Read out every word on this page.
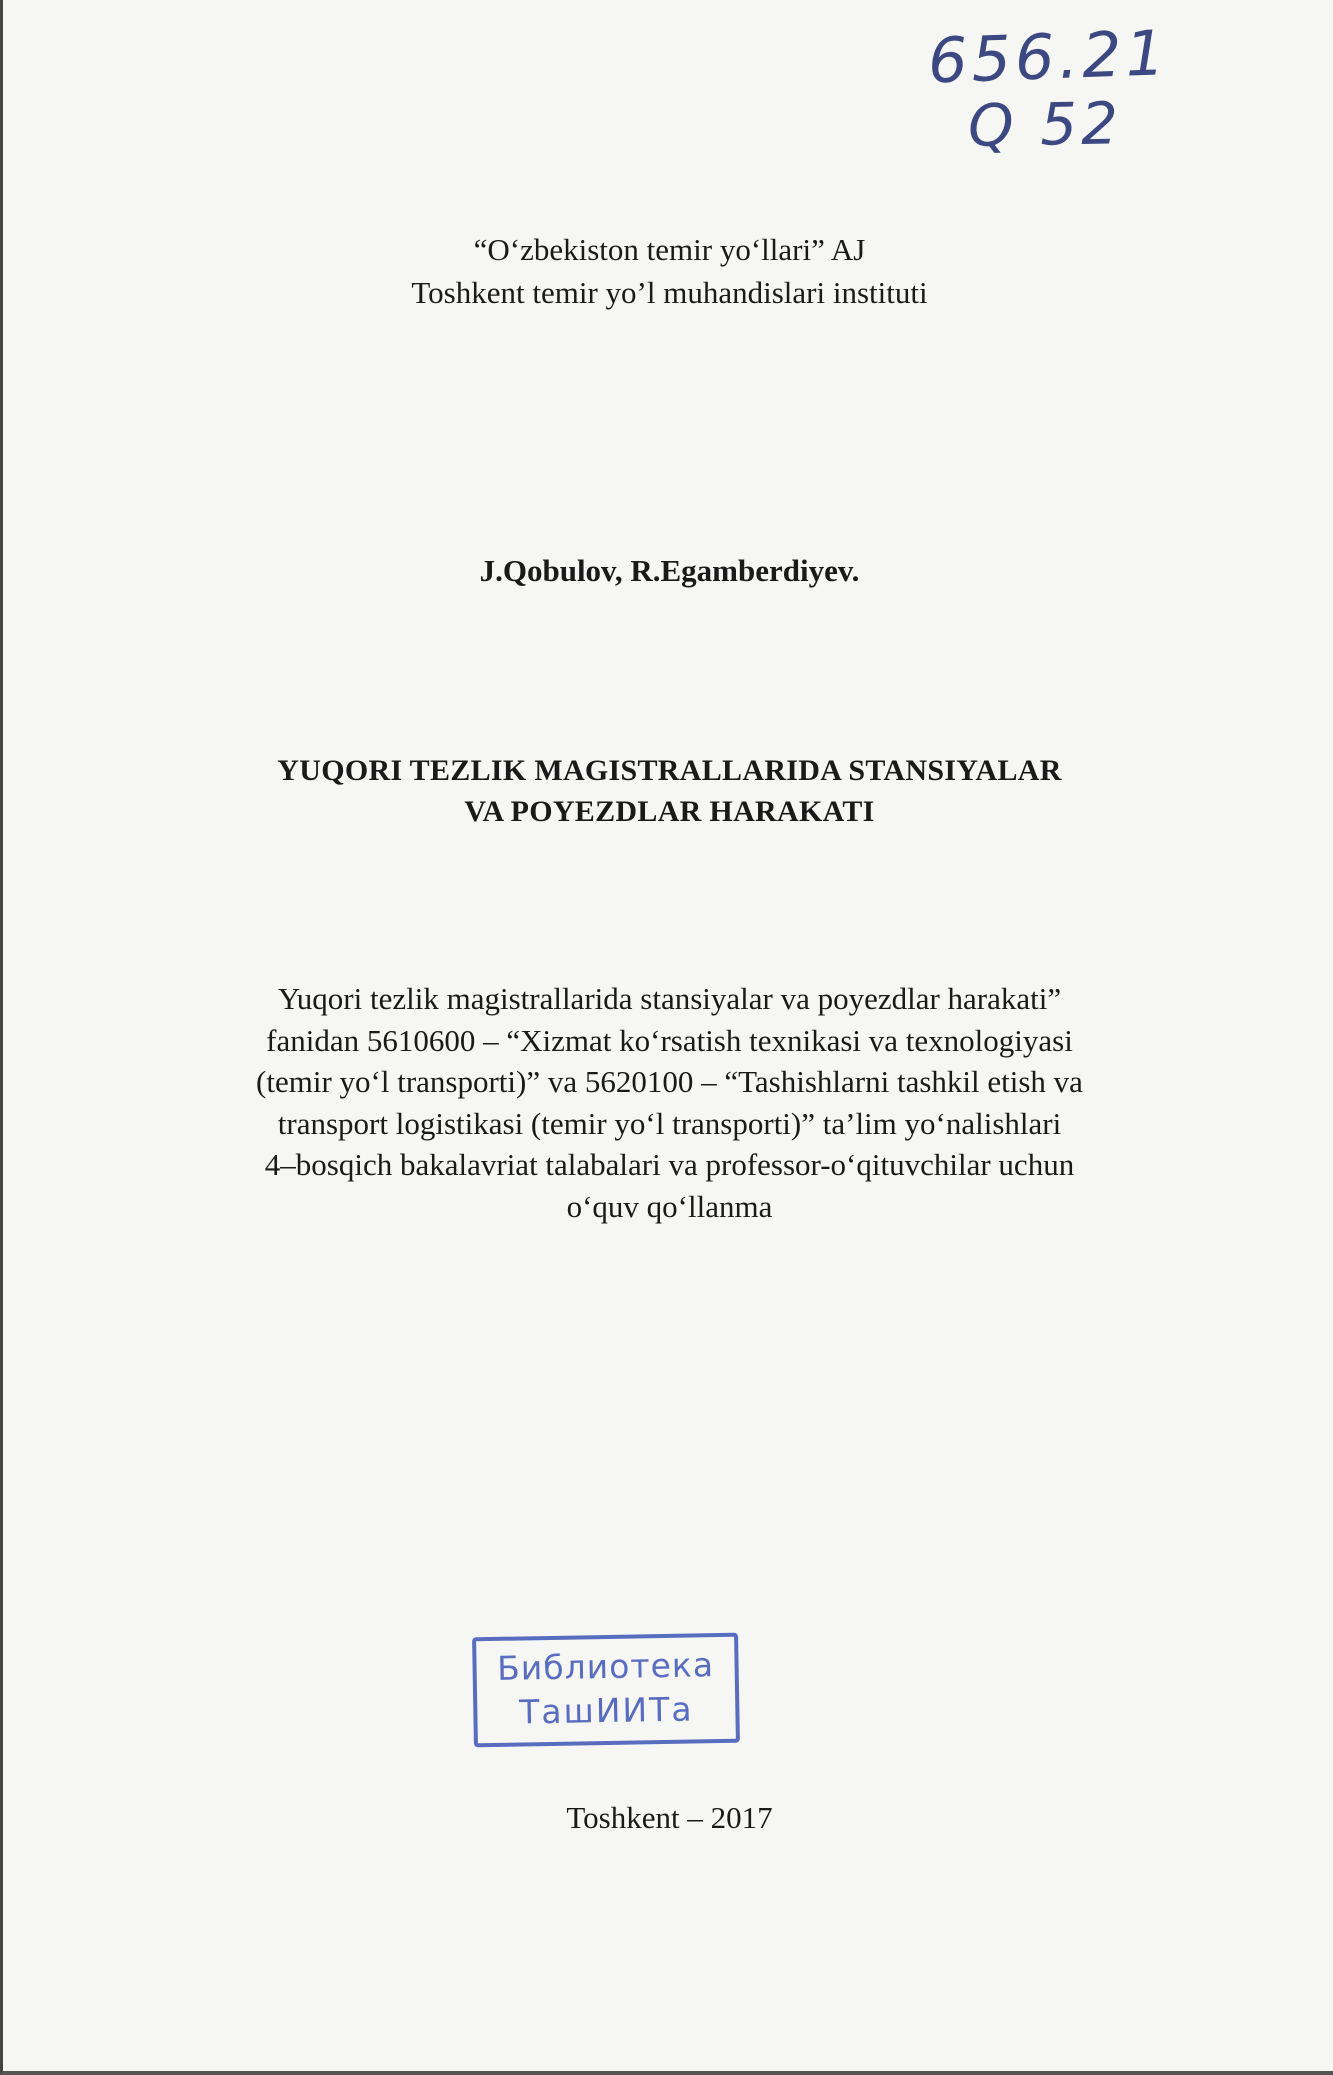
656.21
Q 52
“O‘zbekiston temir yo‘llari” AJ
Toshkent temir yo’l muhandislari instituti
J.Qobulov, R.Egamberdiyev.
YUQORI TEZLIK MAGISTRALLARIDA STANSIYALAR
VA POYEZDLAR HARAKATI
Yuqori tezlik magistrallarida stansiyalar va poyezdlar harakati”
fanidan 5610600 – “Xizmat ko‘rsatish texnikasi va texnologiyasi
(temir yo‘l transporti)” va 5620100 – “Tashishlarni tashkil etish va
transport logistikasi (temir yo‘l transporti)” ta’lim yo‘nalishlari
4–bosqich bakalavriat talabalari va professor-o‘qituvchilar uchun
o‘quv qo‘llanma
Библиотека
ТашИИТа
Toshkent – 2017
